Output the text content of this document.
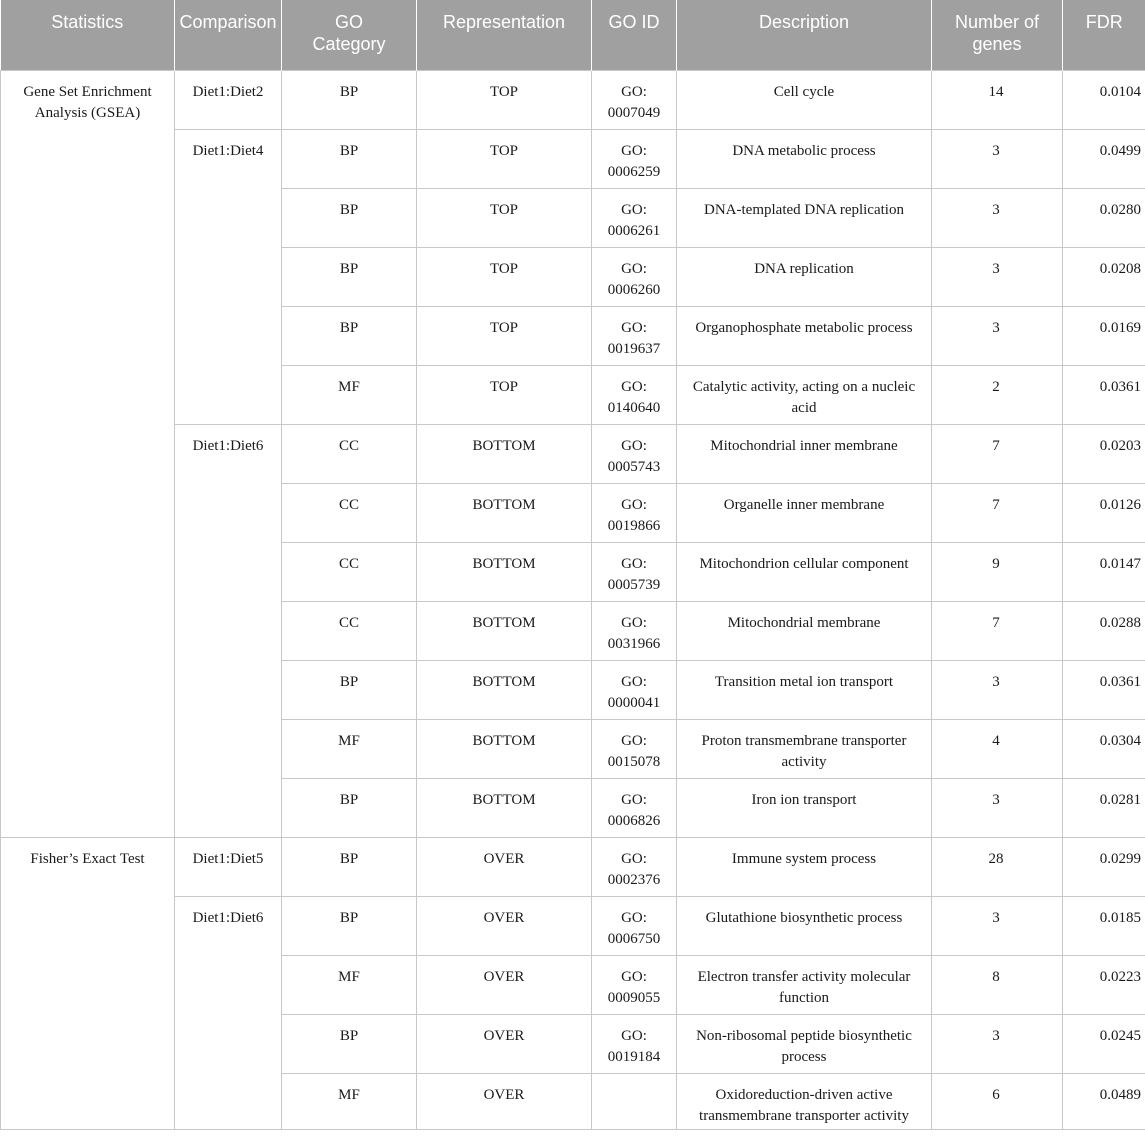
Statistics	Comparison	GO
Category	Representation	GO ID	Description	Number of
genes	FDR
Gene Set Enrichment Analysis (GSEA)	Diet1:Diet2	BP	TOP	GO:
0007049	Cell cycle	14	0.0104
	Diet1:Diet4	BP	TOP	GO:
0006259	DNA metabolic process	3	0.0499
		BP	TOP	GO:
0006261	DNA-templated DNA replication	3	0.0280
		BP	TOP	GO:
0006260	DNA replication	3	0.0208
		BP	TOP	GO:
0019637	Organophosphate metabolic process	3	0.0169
		MF	TOP	GO:
0140640	Catalytic activity, acting on a nucleic acid	2	0.0361
	Diet1:Diet6	CC	BOTTOM	GO:
0005743	Mitochondrial inner membrane	7	0.0203
		CC	BOTTOM	GO:
0019866	Organelle inner membrane	7	0.0126
		CC	BOTTOM	GO:
0005739	Mitochondrion cellular component	9	0.0147
		CC	BOTTOM	GO:
0031966	Mitochondrial membrane	7	0.0288
		BP	BOTTOM	GO:
0000041	Transition metal ion transport	3	0.0361
		MF	BOTTOM	GO:
0015078	Proton transmembrane transporter activity	4	0.0304
		BP	BOTTOM	GO:
0006826	Iron ion transport	3	0.0281
Fisher’s Exact Test	Diet1:Diet5	BP	OVER	GO:
0002376	Immune system process	28	0.0299
	Diet1:Diet6	BP	OVER	GO:
0006750	Glutathione biosynthetic process	3	0.0185
		MF	OVER	GO:
0009055	Electron transfer activity molecular function	8	0.0223
		BP	OVER	GO:
0019184	Non-ribosomal peptide biosynthetic process	3	0.0245
		MF	OVER		Oxidoreduction-driven active transmembrane transporter activity	6	0.0489
